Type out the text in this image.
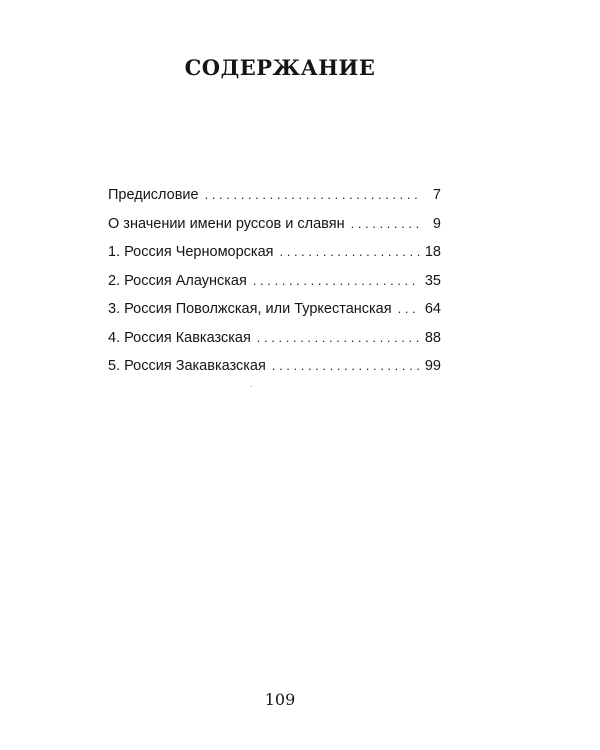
СОДЕРЖАНИЕ
Предисловие . . .	7
О значении имени руссов и славян . . .	9
1. Россия Черноморская . . .	18
2. Россия Алаунская . . .	35
3. Россия Поволжская, или Туркестанская . . . 64
4. Россия Кавказская . . .	88
5. Россия Закавказская . . .	99
109
